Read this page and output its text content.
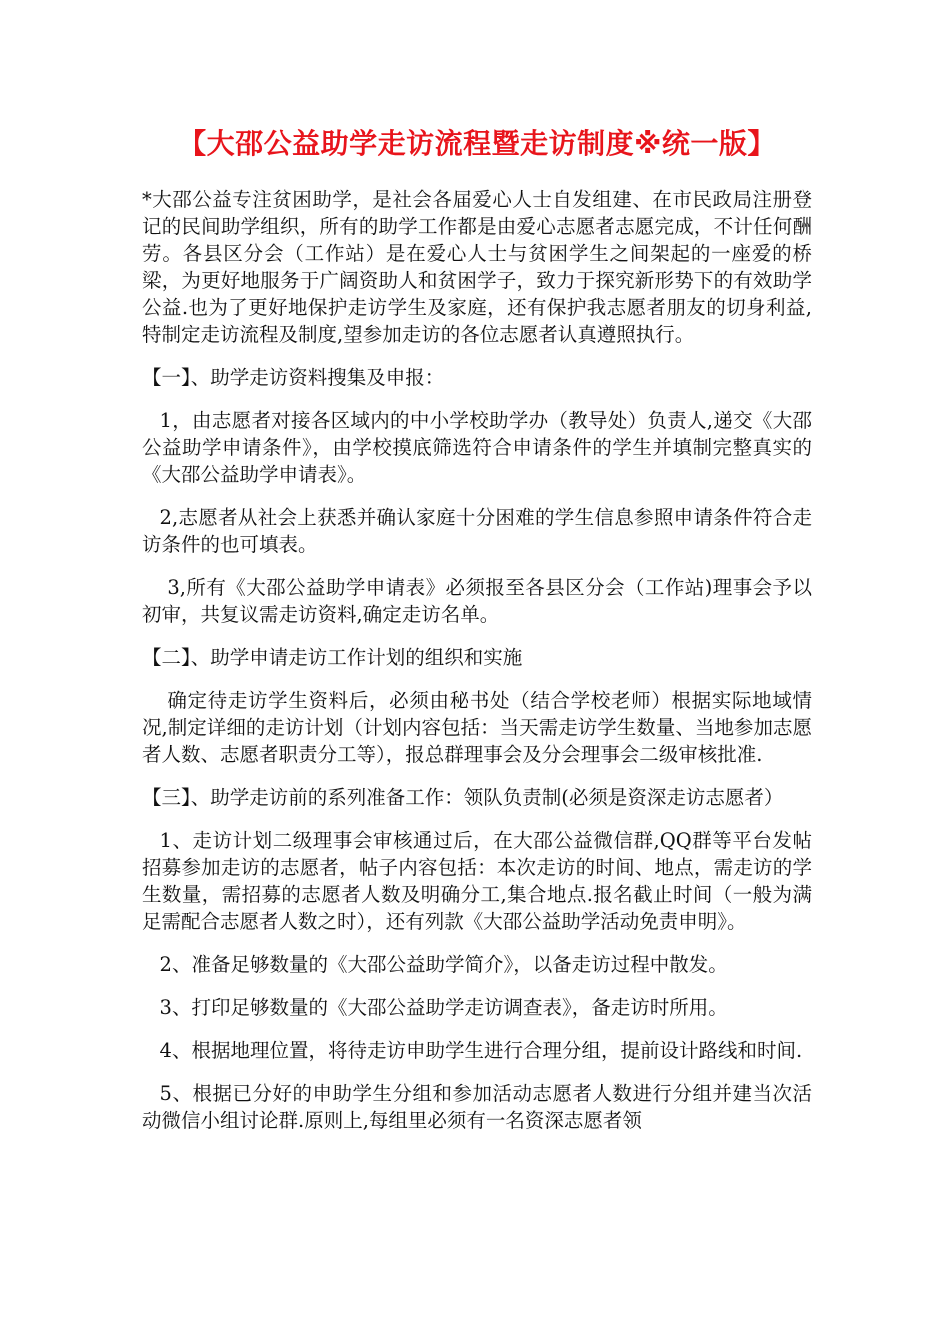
【大邵公益助学走访流程暨走访制度※统一版】

*大邵公益专注贫困助学，是社会各届爱心人士自发组建、在市民政局注册登记的民间助学组织，所有的助学工作都是由爱心志愿者志愿完成，不计任何酬劳。各县区分会（工作站）是在爱心人士与贫困学生之间架起的一座爱的桥梁，为更好地服务于广阔资助人和贫困学子，致力于探究新形势下的有效助学公益.也为了更好地保护走访学生及家庭，还有保护我志愿者朋友的切身利益,特制定走访流程及制度,望参加走访的各位志愿者认真遵照执行。

【一】、助学走访资料搜集及申报：

1，由志愿者对接各区域内的中小学校助学办（教导处）负责人,递交《大邵公益助学申请条件》，由学校摸底筛选符合申请条件的学生并填制完整真实的《大邵公益助学申请表》。

2,志愿者从社会上获悉并确认家庭十分困难的学生信息参照申请条件符合走访条件的也可填表。

3,所有《大邵公益助学申请表》必须报至各县区分会（工作站)理事会予以初审，共复议需走访资料,确定走访名单。

【二】、助学申请走访工作计划的组织和实施

确定待走访学生资料后，必须由秘书处（结合学校老师）根据实际地域情况,制定详细的走访计划（计划内容包括：当天需走访学生数量、当地参加志愿者人数、志愿者职责分工等），报总群理事会及分会理事会二级审核批准.

【三】、助学走访前的系列准备工作：领队负责制(必须是资深走访志愿者）

1、走访计划二级理事会审核通过后，在大邵公益微信群,QQ群等平台发帖招募参加走访的志愿者，帖子内容包括：本次走访的时间、地点，需走访的学生数量，需招募的志愿者人数及明确分工,集合地点.报名截止时间（一般为满足需配合志愿者人数之时），还有列款《大邵公益助学活动免责申明》。

2、准备足够数量的《大邵公益助学简介》，以备走访过程中散发。

3、打印足够数量的《大邵公益助学走访调查表》，备走访时所用。

4、根据地理位置，将待走访申助学生进行合理分组，提前设计路线和时间.

5、根据已分好的申助学生分组和参加活动志愿者人数进行分组并建当次活动微信小组讨论群.原则上,每组里必须有一名资深志愿者领
